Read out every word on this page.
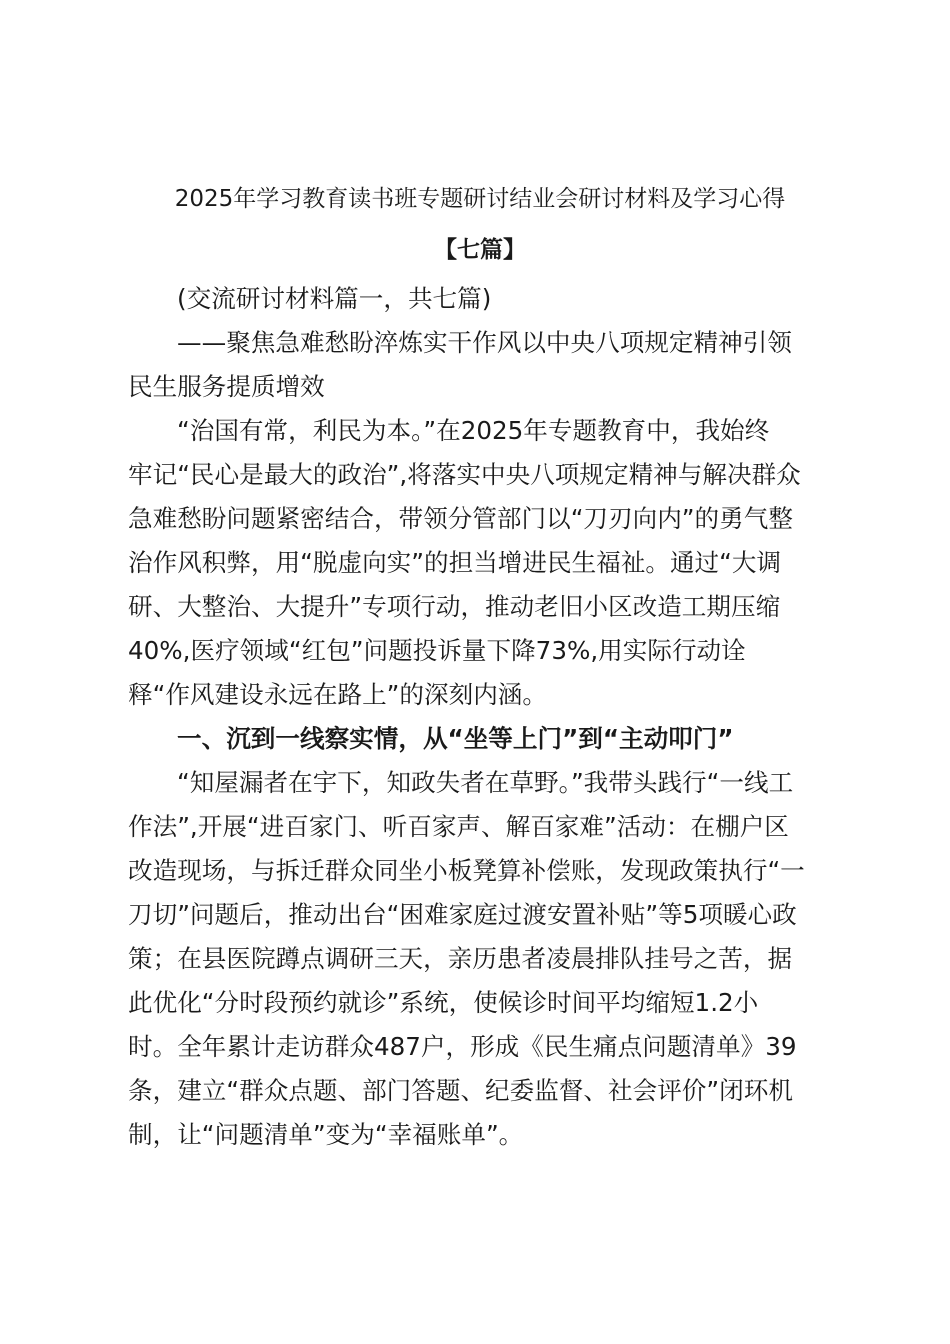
2025年学习教育读书班专题研讨结业会研讨材料及学习心得
【七篇】

(交流研讨材料篇一，共七篇)

——聚焦急难愁盼淬炼实干作风以中央八项规定精神引领

民生服务提质增效

“治国有常，利民为本。”在2025年专题教育中，我始终

牢记“民心是最大的政治”,将落实中央八项规定精神与解决群众

急难愁盼问题紧密结合，带领分管部门以“刀刃向内”的勇气整

治作风积弊，用“脱虚向实”的担当增进民生福祉。通过“大调

研、大整治、大提升”专项行动，推动老旧小区改造工期压缩

40%,医疗领域“红包”问题投诉量下降73%,用实际行动诠

释“作风建设永远在路上”的深刻内涵。

一、沉到一线察实情，从“坐等上门”到“主动叩门”

“知屋漏者在宇下，知政失者在草野。”我带头践行“一线工

作法”,开展“进百家门、听百家声、解百家难”活动：在棚户区

改造现场，与拆迁群众同坐小板凳算补偿账，发现政策执行“一

刀切”问题后，推动出台“困难家庭过渡安置补贴”等5项暖心政

策；在县医院蹲点调研三天，亲历患者凌晨排队挂号之苦，据

此优化“分时段预约就诊”系统，使候诊时间平均缩短1.2小

时。全年累计走访群众487户，形成《民生痛点问题清单》39

条，建立“群众点题、部门答题、纪委监督、社会评价”闭环机

制，让“问题清单”变为“幸福账单”。
